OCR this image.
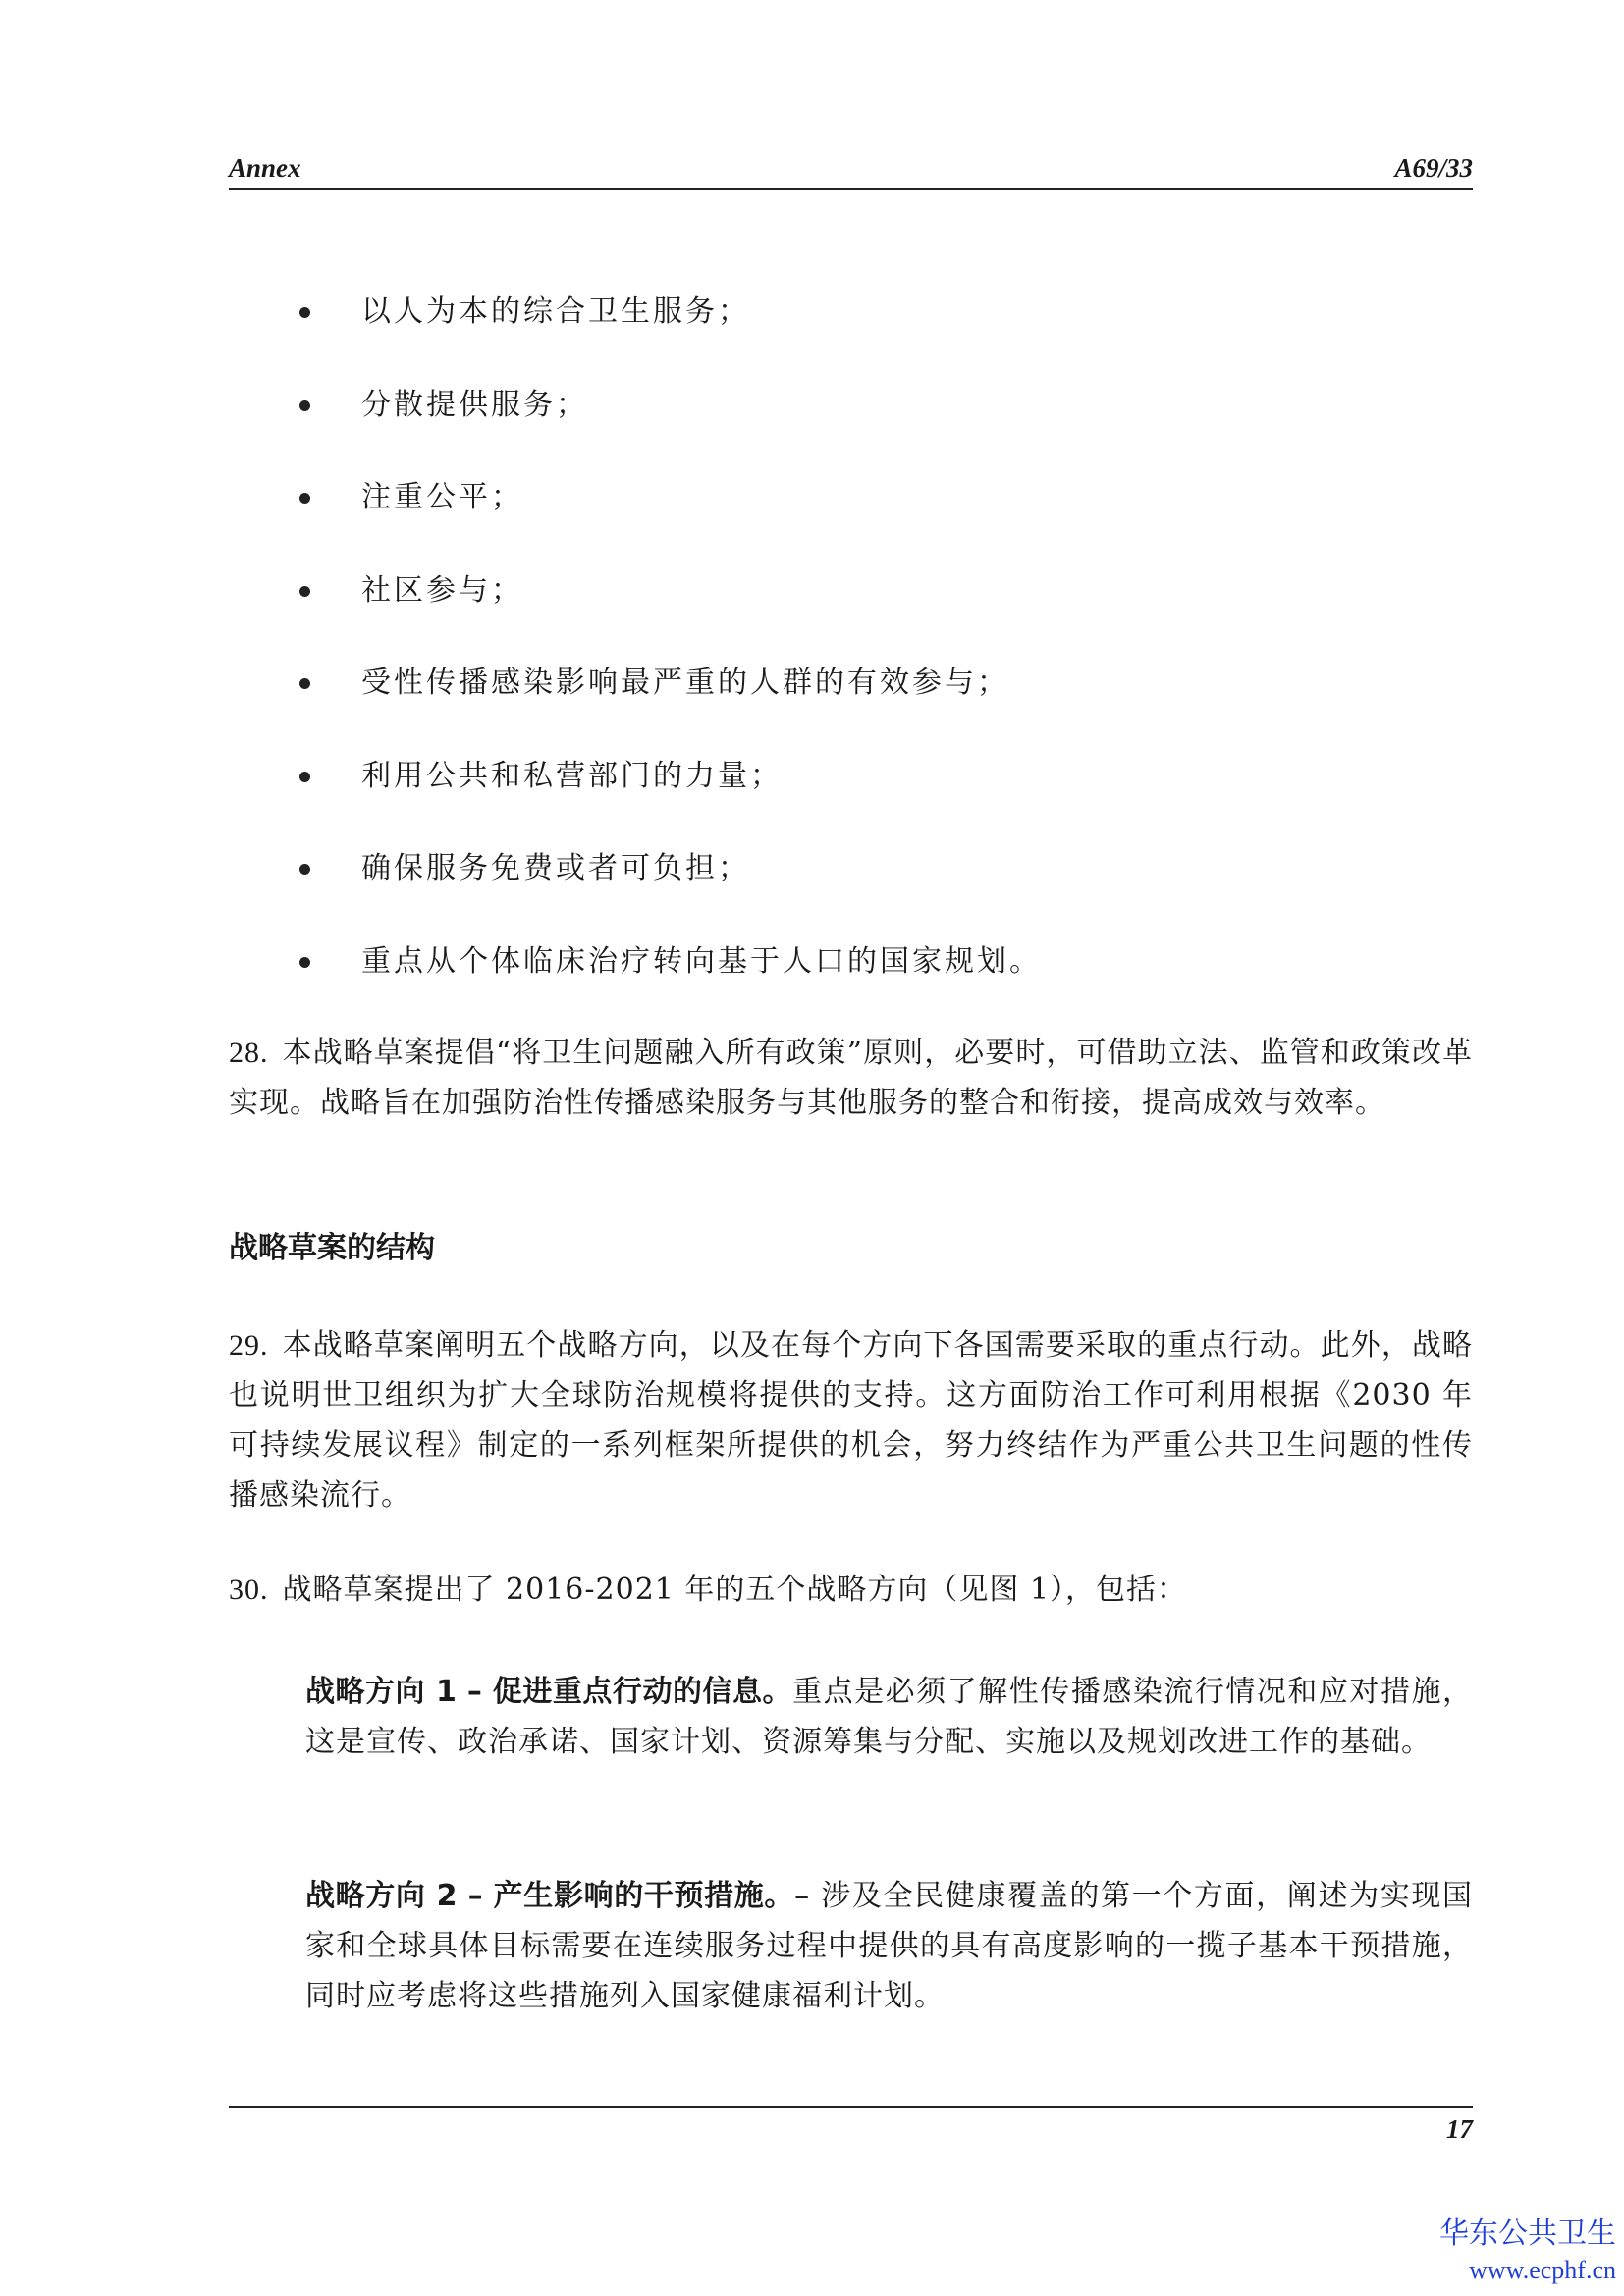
Annex	A69/33
以人为本的综合卫生服务；
分散提供服务；
注重公平；
社区参与；
受性传播感染影响最严重的人群的有效参与；
利用公共和私营部门的力量；
确保服务免费或者可负担；
重点从个体临床治疗转向基于人口的国家规划。

28. 本战略草案提倡“将卫生问题融入所有政策”原则，必要时，可借助立法、监管和政策改革实现。战略旨在加强防治性传播感染服务与其他服务的整合和衔接，提高成效与效率。

战略草案的结构

29. 本战略草案阐明五个战略方向，以及在每个方向下各国需要采取的重点行动。此外，战略也说明世卫组织为扩大全球防治规模将提供的支持。这方面防治工作可利用根据《2030 年可持续发展议程》制定的一系列框架所提供的机会，努力终结作为严重公共卫生问题的性传播感染流行。

30. 战略草案提出了 2016-2021 年的五个战略方向（见图 1），包括：

战略方向 1 – 促进重点行动的信息。重点是必须了解性传播感染流行情况和应对措施，这是宣传、政治承诺、国家计划、资源筹集与分配、实施以及规划改进工作的基础。

战略方向 2 – 产生影响的干预措施。– 涉及全民健康覆盖的第一个方面，阐述为实现国家和全球具体目标需要在连续服务过程中提供的具有高度影响的一揽子基本干预措施，同时应考虑将这些措施列入国家健康福利计划。

17
华东公共卫生
www.ecphf.cn
